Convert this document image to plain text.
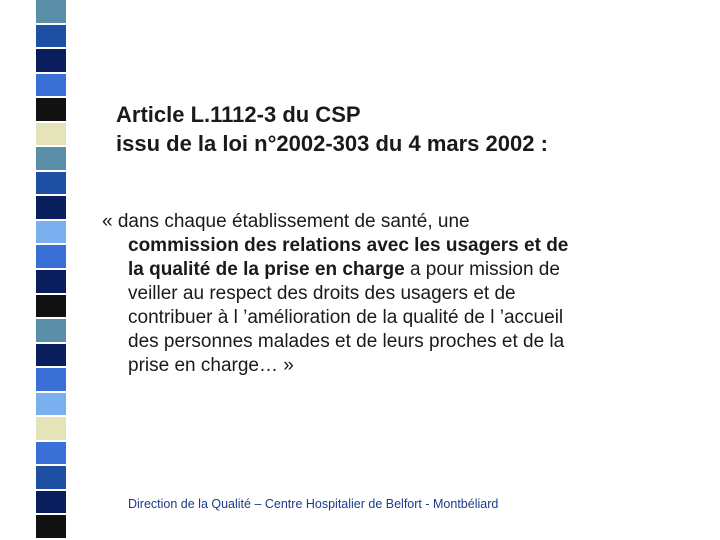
Article L.1112-3 du CSP
issu de la loi n°2002-303 du 4 mars 2002 :
« dans chaque établissement de santé, une
commission des relations avec les usagers et de
la qualité de la prise en charge a pour mission de
veiller au respect des droits des usagers et de
contribuer à l ’amélioration de la qualité de l ’accueil
des personnes malades et de leurs proches et de la
prise en charge… »
Direction de la Qualité – Centre Hospitalier de Belfort - Montbéliard
